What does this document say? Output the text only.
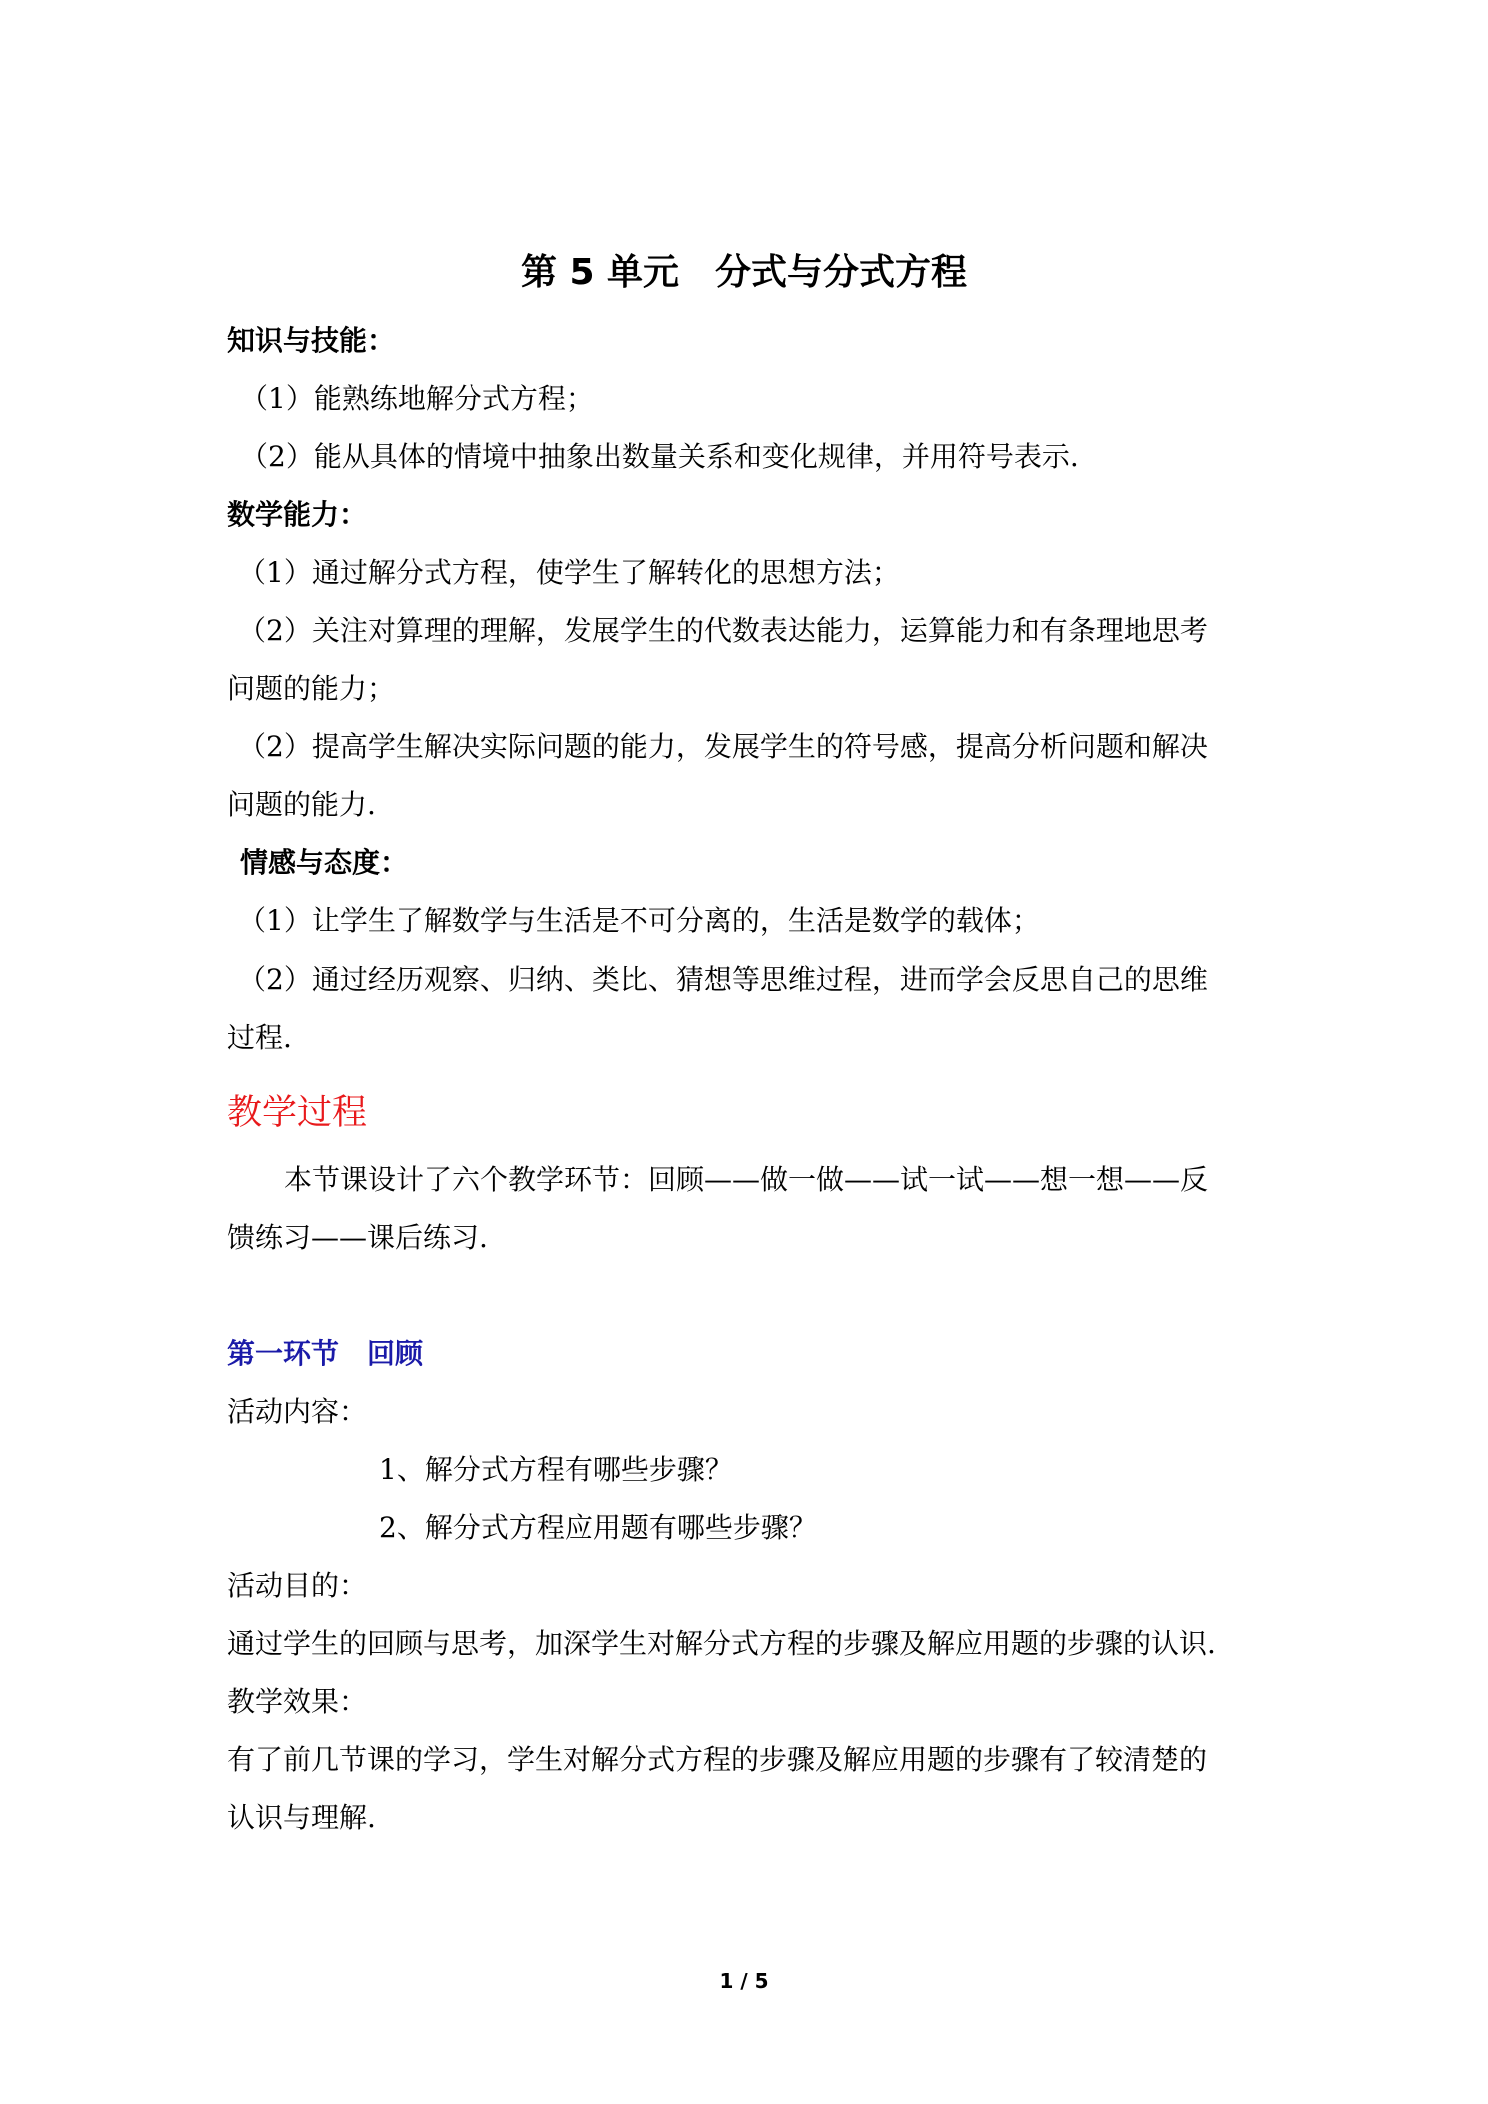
第 5 单元　分式与分式方程
知识与技能：
（1）能熟练地解分式方程；
（2）能从具体的情境中抽象出数量关系和变化规律，并用符号表示.
数学能力：
（1）通过解分式方程，使学生了解转化的思想方法；
（2）关注对算理的理解，发展学生的代数表达能力，运算能力和有条理地思考
问题的能力；
（2）提高学生解决实际问题的能力，发展学生的符号感，提高分析问题和解决
问题的能力.
情感与态度：
（1）让学生了解数学与生活是不可分离的，生活是数学的载体；
（2）通过经历观察、归纳、类比、猜想等思维过程，进而学会反思自己的思维
过程.
教学过程
本节课设计了六个教学环节：回顾——做一做——试一试——想一想——反
馈练习——课后练习.
第一环节　回顾
活动内容：
1、解分式方程有哪些步骤？
2、解分式方程应用题有哪些步骤？
活动目的：
通过学生的回顾与思考，加深学生对解分式方程的步骤及解应用题的步骤的认识.
教学效果：
有了前几节课的学习，学生对解分式方程的步骤及解应用题的步骤有了较清楚的
认识与理解.
1 / 5
